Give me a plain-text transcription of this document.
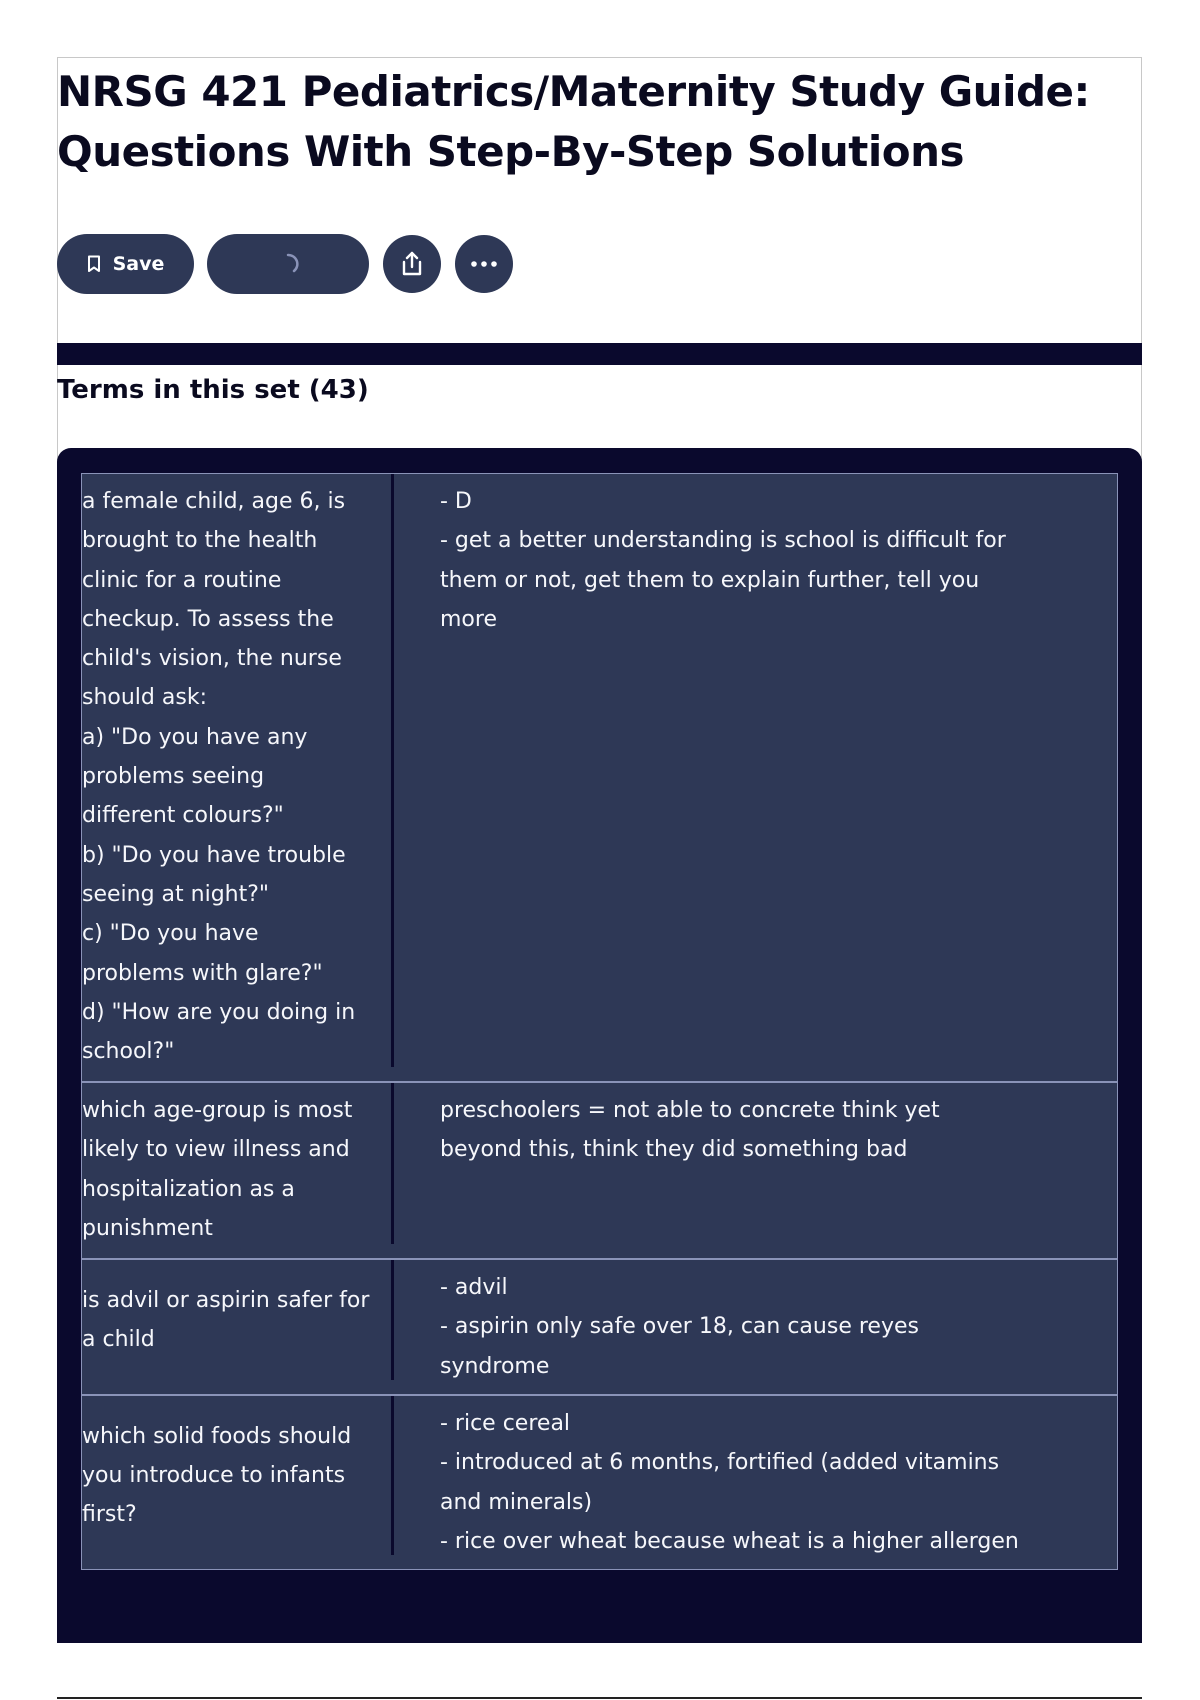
NRSG 421 Pediatrics/Maternity Study Guide: Questions With Step-By-Step Solutions
Save
Terms in this set (43)
a female child, age 6, is
brought to the health
clinic for a routine
checkup. To assess the
child's vision, the nurse
should ask:
a) "Do you have any
problems seeing
different colours?"
b) "Do you have trouble
seeing at night?"
c) "Do you have
problems with glare?"
d) "How are you doing in
school?"
- D
- get a better understanding is school is difficult for
them or not, get them to explain further, tell you
more
which age-group is most
likely to view illness and
hospitalization as a
punishment
preschoolers = not able to concrete think yet
beyond this, think they did something bad
is advil or aspirin safer for
a child
- advil
- aspirin only safe over 18, can cause reyes
syndrome
which solid foods should
you introduce to infants
first?
- rice cereal
- introduced at 6 months, fortified (added vitamins
and minerals)
- rice over wheat because wheat is a higher allergen
